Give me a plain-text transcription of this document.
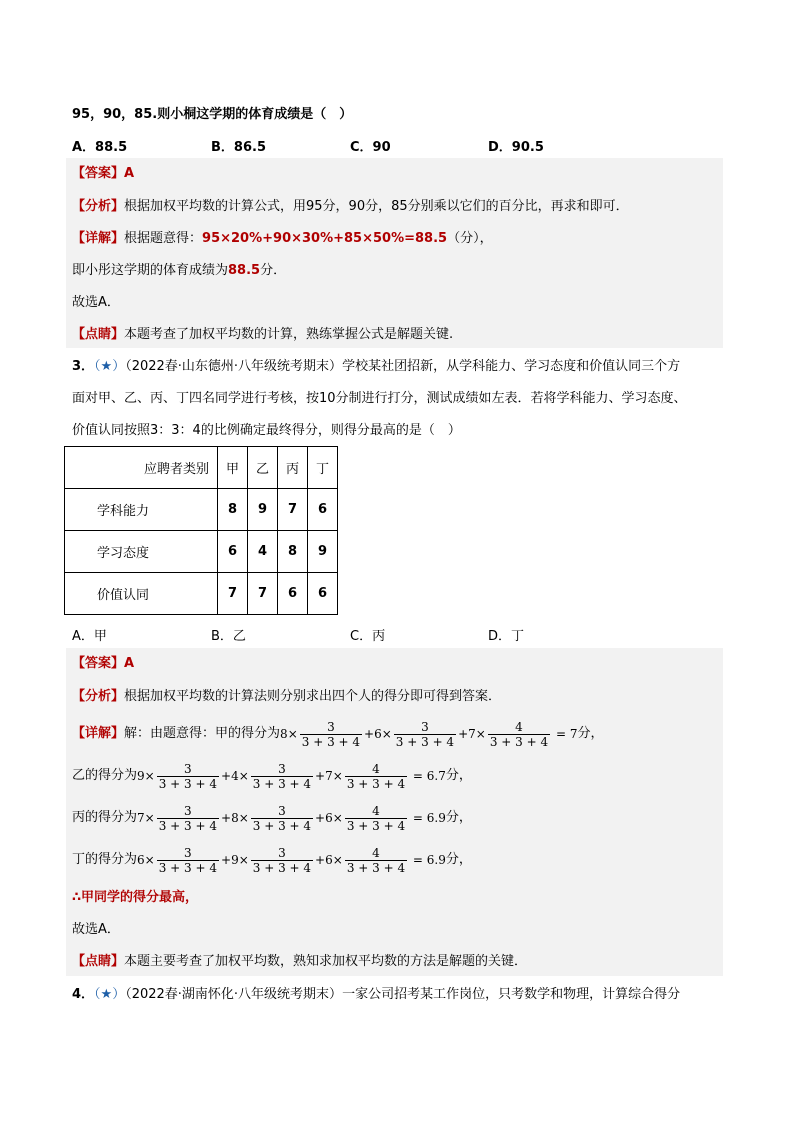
95，90，85.则小桐这学期的体育成绩是（　）
A．88.5	B．86.5	C．90	D．90.5
【答案】A
【分析】根据加权平均数的计算公式，用95分，90分，85分别乘以它们的百分比，再求和即可．
【详解】根据题意得：95×20%+90×30%+85×50%=88.5（分），
即小彤这学期的体育成绩为88.5分．
故选A．
【点睛】本题考查了加权平均数的计算，熟练掌握公式是解题关键.
3．（★）（2022春·山东德州·八年级统考期末）学校某社团招新，从学科能力、学习态度和价值认同三个方
面对甲、乙、丙、丁四名同学进行考核，按10分制进行打分，测试成绩如左表．若将学科能力、学习态度、
价值认同按照3：3：4的比例确定最终得分，则得分最高的是（　）
应聘者类别	甲	乙	丙	丁
学科能力	8	9	7	6
学习态度	6	4	8	9
价值认同	7	7	6	6
A．甲	B．乙	C．丙	D．丁
【答案】A
【分析】根据加权平均数的计算法则分别求出四个人的得分即可得到答案．
【详解】 解：由题意得： 甲的得分为 $8 \times \frac{3}{3 + 3 + 4} + 6 \times \frac{3}{3 + 3 + 4} + 7 \times \frac{4}{3 + 3 + 4} = 7$ 分，
乙的得分为 $9 \times \frac{3}{3 + 3 + 4} + 4 \times \frac{3}{3 + 3 + 4} + 7 \times \frac{4}{3 + 3 + 4} = 6.7$ 分，
丙的得分为 $7 \times \frac{3}{3 + 3 + 4} + 8 \times \frac{3}{3 + 3 + 4} + 6 \times \frac{4}{3 + 3 + 4} = 6.9$ 分，
丁的得分为 $6 \times \frac{3}{3 + 3 + 4} + 9 \times \frac{3}{3 + 3 + 4} + 6 \times \frac{4}{3 + 3 + 4} = 6.9$ 分，
∴甲同学的得分最高，
故选A．
【点睛】本题主要考查了加权平均数，熟知求加权平均数的方法是解题的关键．
4．（★）（2022春·湖南怀化·八年级统考期末）一家公司招考某工作岗位，只考数学和物理，计算综合得分
